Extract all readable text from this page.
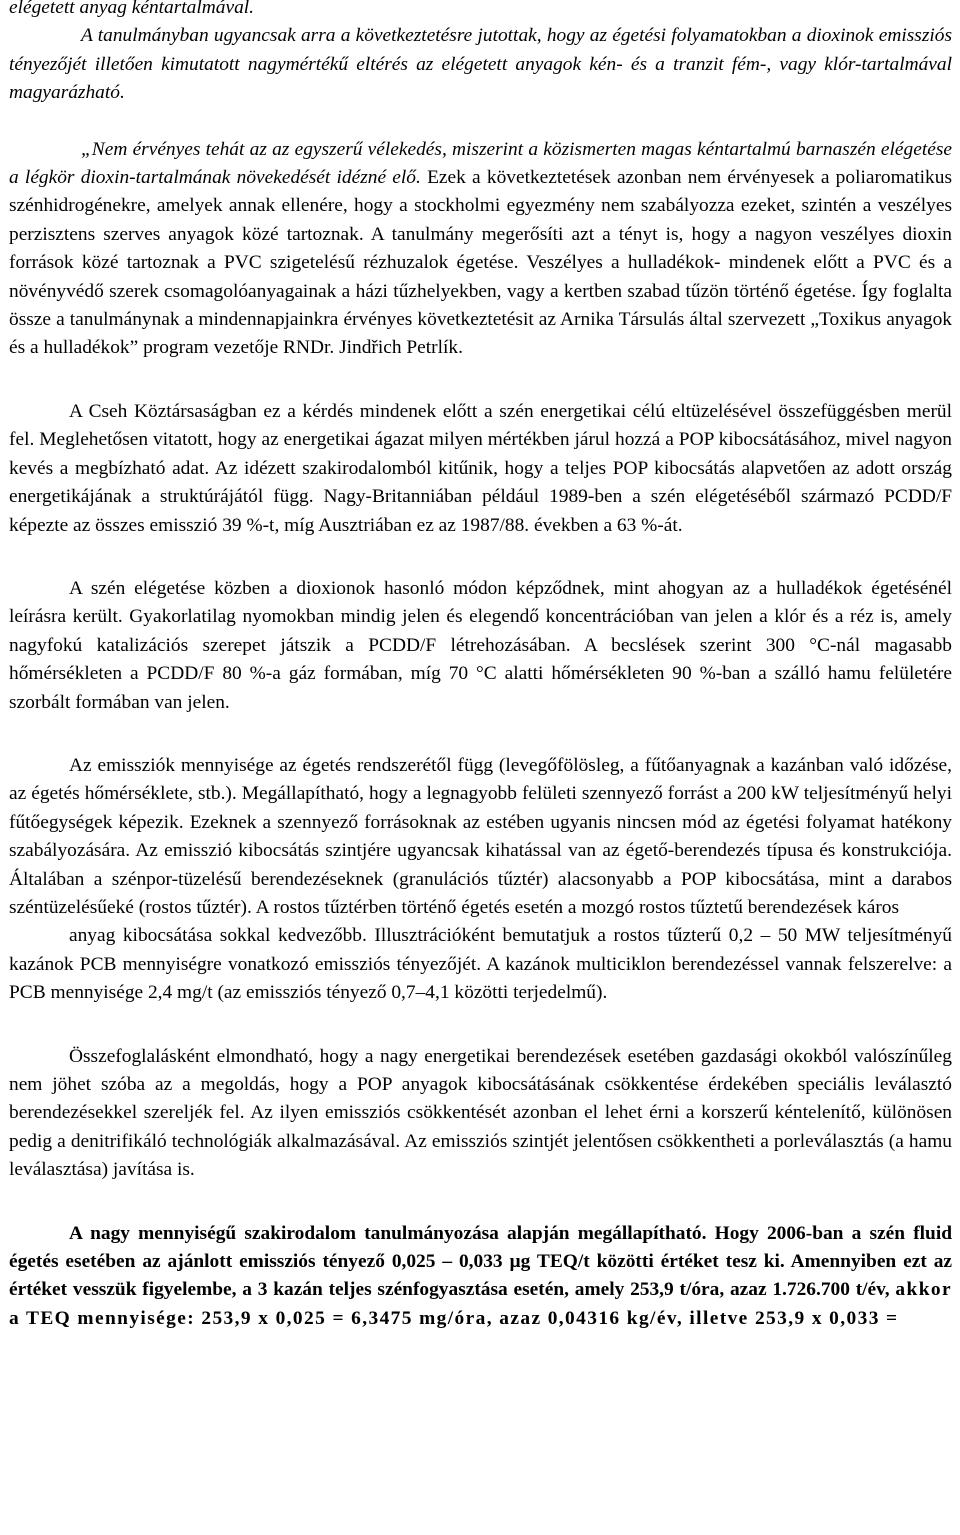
elégetett anyag kéntartalmával.

A tanulmányban ugyancsak arra a következtetésre jutottak, hogy az égetési folyamatokban a dioxinok emissziós tényezőjét illetően kimutatott nagymértékű eltérés az elégetett anyagok kén- és a tranzit fém-, vagy klór-tartalmával magyarázható.

„Nem érvényes tehát az az egyszerű vélekedés, miszerint a közismerten magas kéntartalmú barnaszén elégetése a légkör dioxin-tartalmának növekedését idézné elő. Ezek a következtetések azonban nem érvényesek a poliaromatikus szénhidrogénekre, amelyek annak ellenére, hogy a stockholmi egyezmény nem szabályozza ezeket, szintén a veszélyes perzisztens szerves anyagok közé tartoznak. A tanulmány megerősíti azt a tényt is, hogy a nagyon veszélyes dioxin források közé tartoznak a PVC szigetelésű rézhuzalok égetése. Veszélyes a hulladékok- mindenek előtt a PVC és a növényvédő szerek csomagolóanyagainak a házi tűzhelyekben, vagy a kertben szabad tűzön történő égetése. Így foglalta össze a tanulmánynak a mindennapjainkra érvényes következtetésit az Arnika Társulás által szervezett „Toxikus anyagok és a hulladékok” program vezetője RNDr. Jindřich Petrlík.

A Cseh Köztársaságban ez a kérdés mindenek előtt a szén energetikai célú eltüzelésével összefüggésben merül fel. Meglehetősen vitatott, hogy az energetikai ágazat milyen mértékben járul hozzá a POP kibocsátásához, mivel nagyon kevés a megbízható adat. Az idézett szakirodalomból kitűnik, hogy a teljes POP kibocsátás alapvetően az adott ország energetikájának a struktúrájától függ. Nagy-Britanniában például 1989-ben a szén elégetéséből származó PCDD/F képezte az összes emisszió 39 %-t, míg Ausztriában ez az 1987/88. években a 63 %-át.

A szén elégetése közben a dioxionok hasonló módon képződnek, mint ahogyan az a hulladékok égetésénél leírásra került. Gyakorlatilag nyomokban mindig jelen és elegendő koncentrációban van jelen a klór és a réz is, amely nagyfokú katalizációs szerepet játszik a PCDD/F létrehozásában. A becslések szerint 300 °C-nál magasabb hőmérsékleten a PCDD/F 80 %-a gáz formában, míg 70 °C alatti hőmérsékleten 90 %-ban a szálló hamu felületére szorbált formában van jelen.

Az emissziók mennyisége az égetés rendszerétől függ (levegőfölösleg, a fűtőanyagnak a kazánban való időzése, az égetés hőmérséklete, stb.). Megállapítható, hogy a legnagyobb felületi szennyező forrást a 200 kW teljesítményű helyi fűtőegységek képezik. Ezeknek a szennyező forrásoknak az estében ugyanis nincsen mód az égetési folyamat hatékony szabályozására. Az emisszió kibocsátás szintjére ugyancsak kihatással van az égető-berendezés típusa és konstrukciója. Általában a szénpor-tüzelésű berendezéseknek (granulációs tűztér) alacsonyabb a POP kibocsátása, mint a darabos széntüzelésűeké (rostos tűztér). A rostos tűztérben történő égetés esetén a mozgó rostos tűztetű berendezések káros

anyag kibocsátása sokkal kedvezőbb. Illusztrációként bemutatjuk a rostos tűzterű 0,2 – 50 MW teljesítményű kazánok PCB mennyiségre vonatkozó emissziós tényezőjét. A kazánok multiciklon berendezéssel vannak felszerelve: a PCB mennyisége 2,4 mg/t (az emissziós tényező 0,7–4,1 közötti terjedelmű).

Összefoglalásként elmondható, hogy a nagy energetikai berendezések esetében gazdasági okokból valószínűleg nem jöhet szóba az a megoldás, hogy a POP anyagok kibocsátásának csökkentése érdekében speciális leválasztó berendezésekkel szereljék fel. Az ilyen emissziós csökkentését azonban el lehet érni a korszerű kéntelenítő, különösen pedig a denitrifikáló technológiák alkalmazásával. Az emissziós szintjét jelentősen csökkentheti a porleválasztás (a hamu leválasztása) javítása is.

A nagy mennyiségű szakirodalom tanulmányozása alapján megállapítható. Hogy 2006-ban a szén fluid égetés esetében az ajánlott emissziós tényező 0,025 – 0,033 µg TEQ/t közötti értéket tesz ki. Amennyiben ezt az értéket vesszük figyelembe, a 3 kazán teljes szénfogyasztása esetén, amely 253,9 t/óra, azaz 1.726.700 t/év, akkor a TEQ mennyisége: 253,9 x 0,025 = 6,3475 mg/óra, azaz 0,04316 kg/év, illetve 253,9 x 0,033 =
